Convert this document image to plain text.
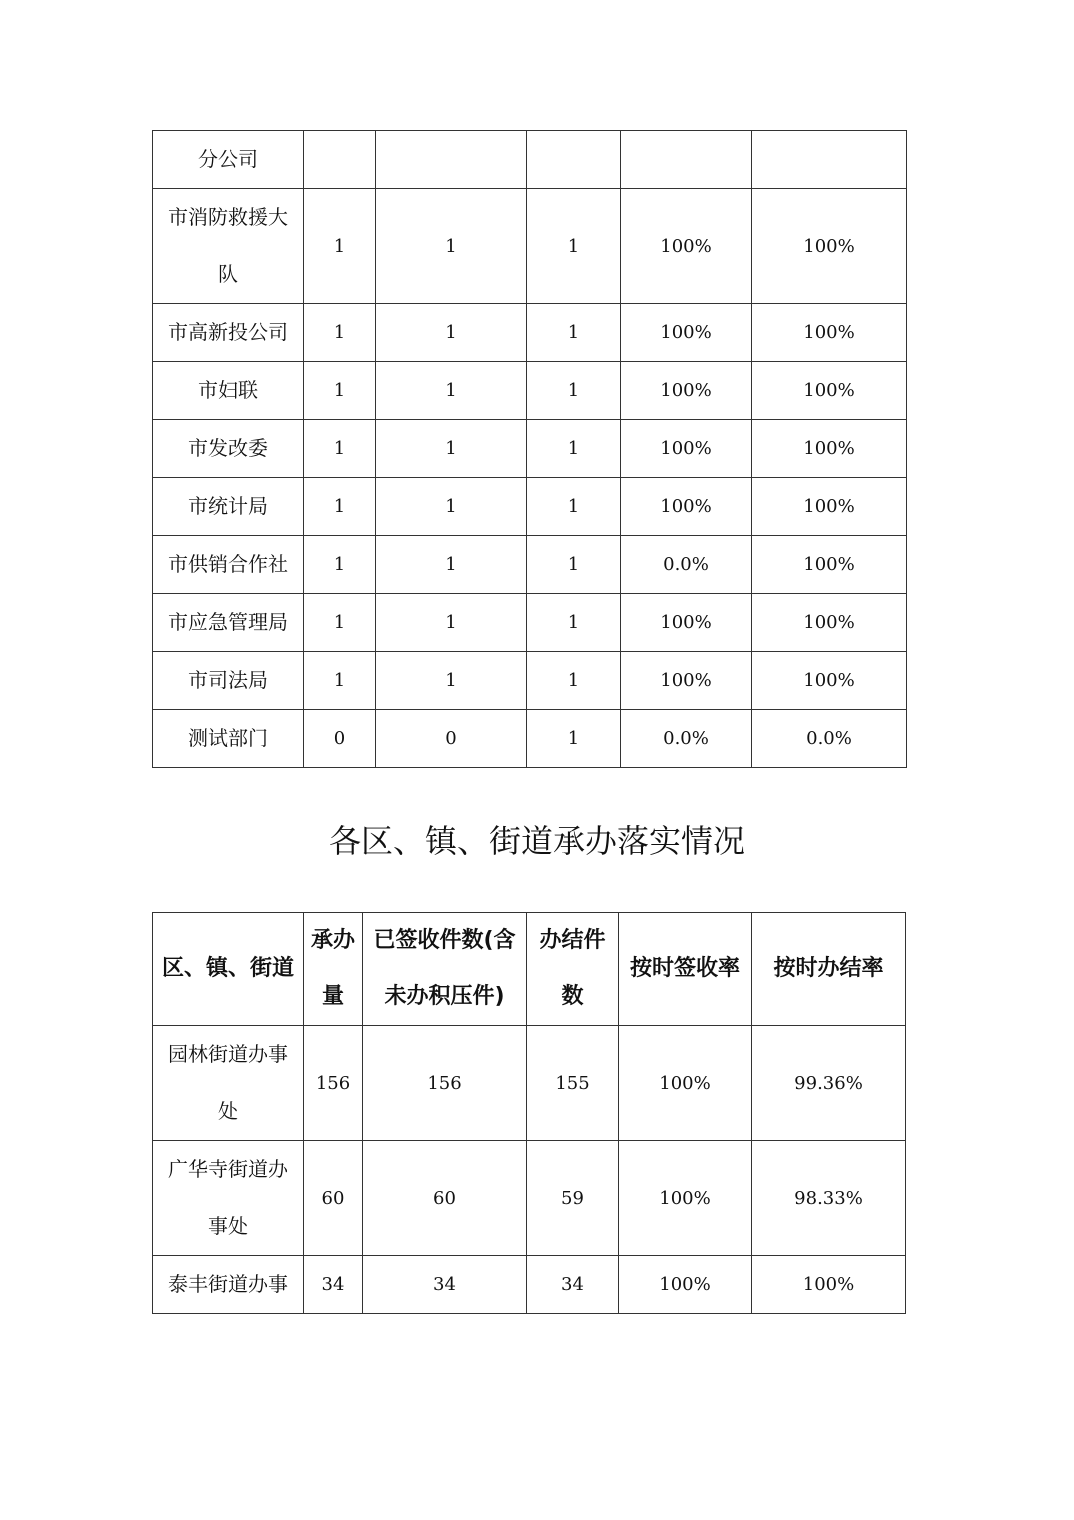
分公司					
市消防救援大队	1	1	1	100%	100%
市高新投公司	1	1	1	100%	100%
市妇联	1	1	1	100%	100%
市发改委	1	1	1	100%	100%
市统计局	1	1	1	100%	100%
市供销合作社	1	1	1	0.0%	100%
市应急管理局	1	1	1	100%	100%
市司法局	1	1	1	100%	100%
测试部门	0	0	1	0.0%	0.0%
各区、镇、街道承办落实情况
区、镇、街道	承办量	已签收件数(含未办积压件)	办结件数	按时签收率	按时办结率
园林街道办事处	156	156	155	100%	99.36%
广华寺街道办事处	60	60	59	100%	98.33%
泰丰街道办事	34	34	34	100%	100%
